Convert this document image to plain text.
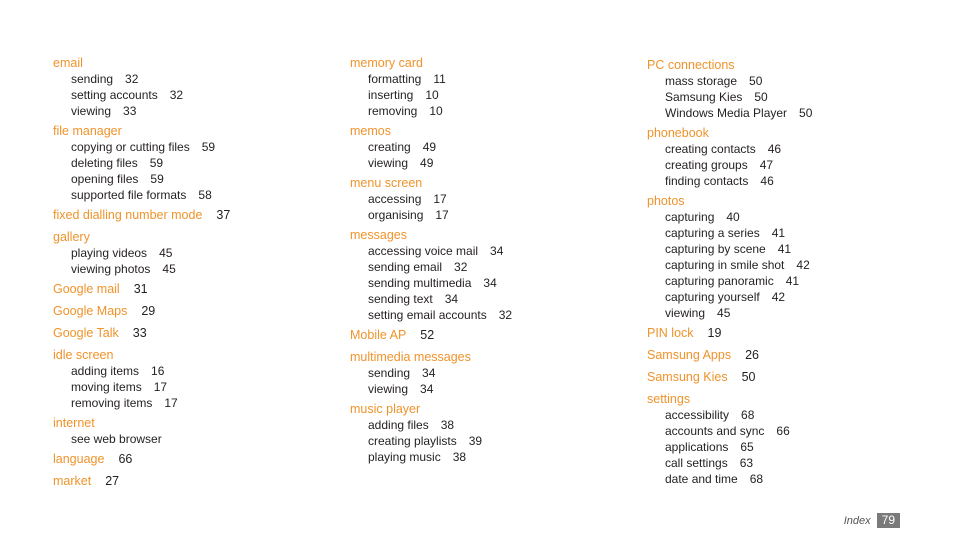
email
sending 32
setting accounts 32
viewing 33
file manager
copying or cutting files 59
deleting files 59
opening files 59
supported file formats 58
fixed dialling number mode 37
gallery
playing videos 45
viewing photos 45
Google mail 31
Google Maps 29
Google Talk 33
idle screen
adding items 16
moving items 17
removing items 17
internet
see web browser
language 66
market 27
memory card
formatting 11
inserting 10
removing 10
memos
creating 49
viewing 49
menu screen
accessing 17
organising 17
messages
accessing voice mail 34
sending email 32
sending multimedia 34
sending text 34
setting email accounts 32
Mobile AP 52
multimedia messages
sending 34
viewing 34
music player
adding files 38
creating playlists 39
playing music 38
PC connections
mass storage 50
Samsung Kies 50
Windows Media Player 50
phonebook
creating contacts 46
creating groups 47
finding contacts 46
photos
capturing 40
capturing a series 41
capturing by scene 41
capturing in smile shot 42
capturing panoramic 41
capturing yourself 42
viewing 45
PIN lock 19
Samsung Apps 26
Samsung Kies 50
settings
accessibility 68
accounts and sync 66
applications 65
call settings 63
date and time 68
Index 79
